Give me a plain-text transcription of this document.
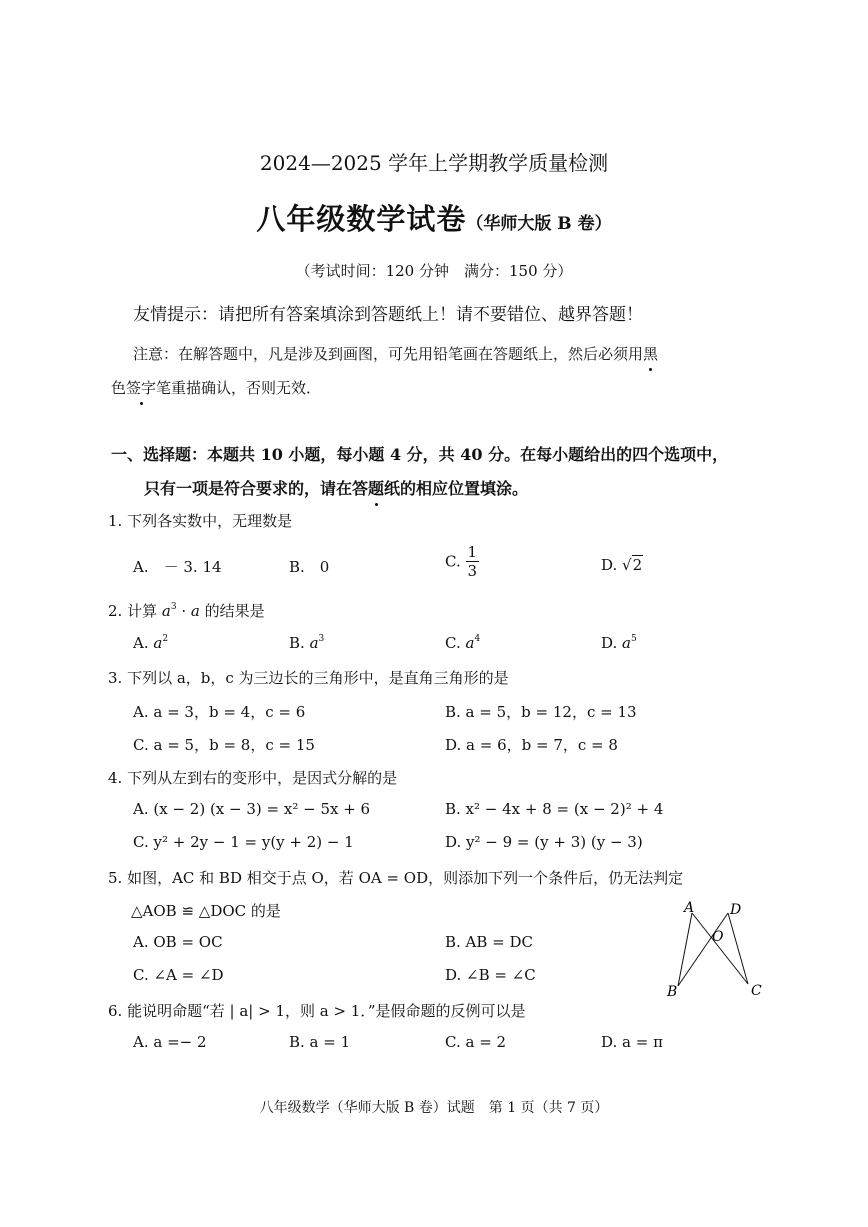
2024—2025 学年上学期教学质量检测
八年级数学试卷（华师大版 B 卷）
（考试时间：120 分钟　满分：150 分）
友情提示：请把所有答案填涂到答题纸上！请不要错位、越界答题！
注意：在解答题中，凡是涉及到画图，可先用铅笔画在答题纸上，然后必须用黑
色签字笔重描确认，否则无效．
一、选择题：本题共 10 小题，每小题 4 分，共 40 分。在每小题给出的四个选项中，
只有一项是符合要求的，请在答题纸的相应位置填涂。
1. 下列各实数中，无理数是
A.　－ 3. 14	B.　0	C. $\frac{1}{3}$	D. √2
2. 计算 $a^3 \cdot a$ 的结果是
A. $a^2$	B. $a^3$	C. $a^4$	D. $a^5$
3. 下列以 a，b，c 为三边长的三角形中，是直角三角形的是
A. a = 3，b = 4，c = 6	B. a = 5，b = 12，c = 13
C. a = 5，b = 8，c = 15	D. a = 6，b = 7，c = 8
4. 下列从左到右的变形中，是因式分解的是
A. (x − 2) (x − 3) = x² − 5x + 6	B. x² − 4x + 8 = (x − 2)² + 4
C. y² + 2y − 1 = y(y + 2) − 1	D. y² − 9 = (y + 3) (y − 3)
5. 如图，AC 和 BD 相交于点 O，若 OA = OD，则添加下列一个条件后，仍无法判定
△AOB ≌ △DOC 的是
A. OB = OC	B. AB = DC
C. ∠A = ∠D	D. ∠B = ∠C
A	D
O
B	C
6. 能说明命题“若 | a| > 1，则 a > 1．”是假命题的反例可以是
A. a =− 2	B. a = 1	C. a = 2	D. a = π
八年级数学（华师大版 B 卷）试题　第 1 页（共 7 页）
